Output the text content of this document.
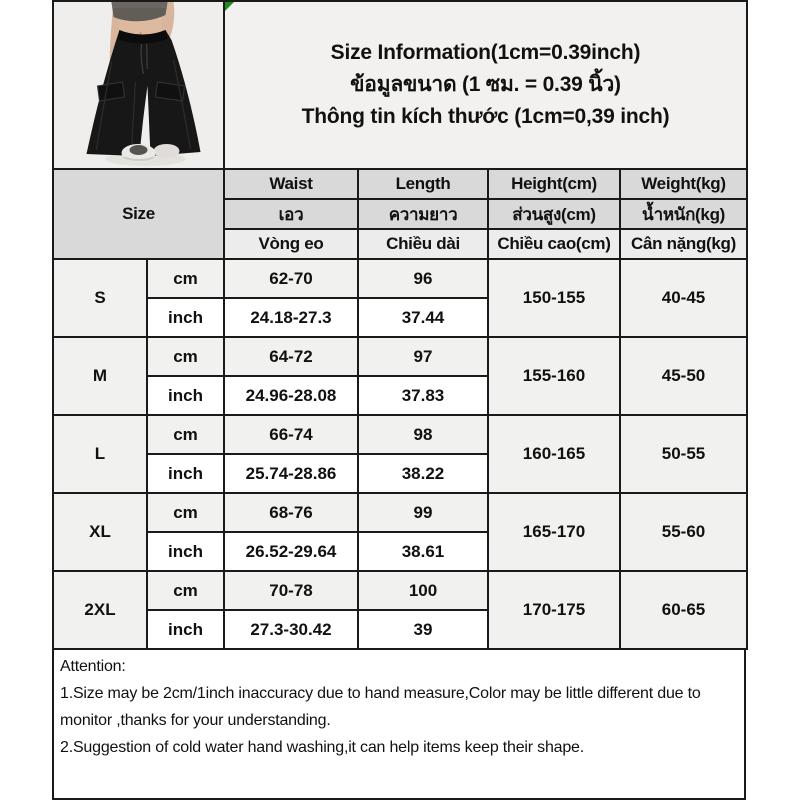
Size Information(1cm=0.39inch)
ข้อมูลขนาด (1 ซม. = 0.39 นิ้ว)
Thông tin kích thước (1cm=0,39 inch)			

Size		Waist	Length	Height(cm)	Weight(kg)
		เอว	ความยาว	ส่วนสูง(cm)	น้ำหนัก(kg)
		Vòng eo	Chiều dài	Chiều cao(cm)	Cân nặng(kg)
S	cm	62-70	96	150-155	40-45
	inch	24.18-27.3	37.44		
M	cm	64-72	97	155-160	45-50
	inch	24.96-28.08	37.83		
L	cm	66-74	98	160-165	50-55
	inch	25.74-28.86	38.22		
XL	cm	68-76	99	165-170	55-60
	inch	26.52-29.64	38.61		
2XL	cm	70-78	100	170-175	60-65
	inch	27.3-30.42	39		
Attention:
1.Size may be 2cm/1inch inaccuracy due to hand measure,Color may be little different due to monitor ,thanks for your understanding.
2.Suggestion of cold water hand washing,it can help items keep their shape.
